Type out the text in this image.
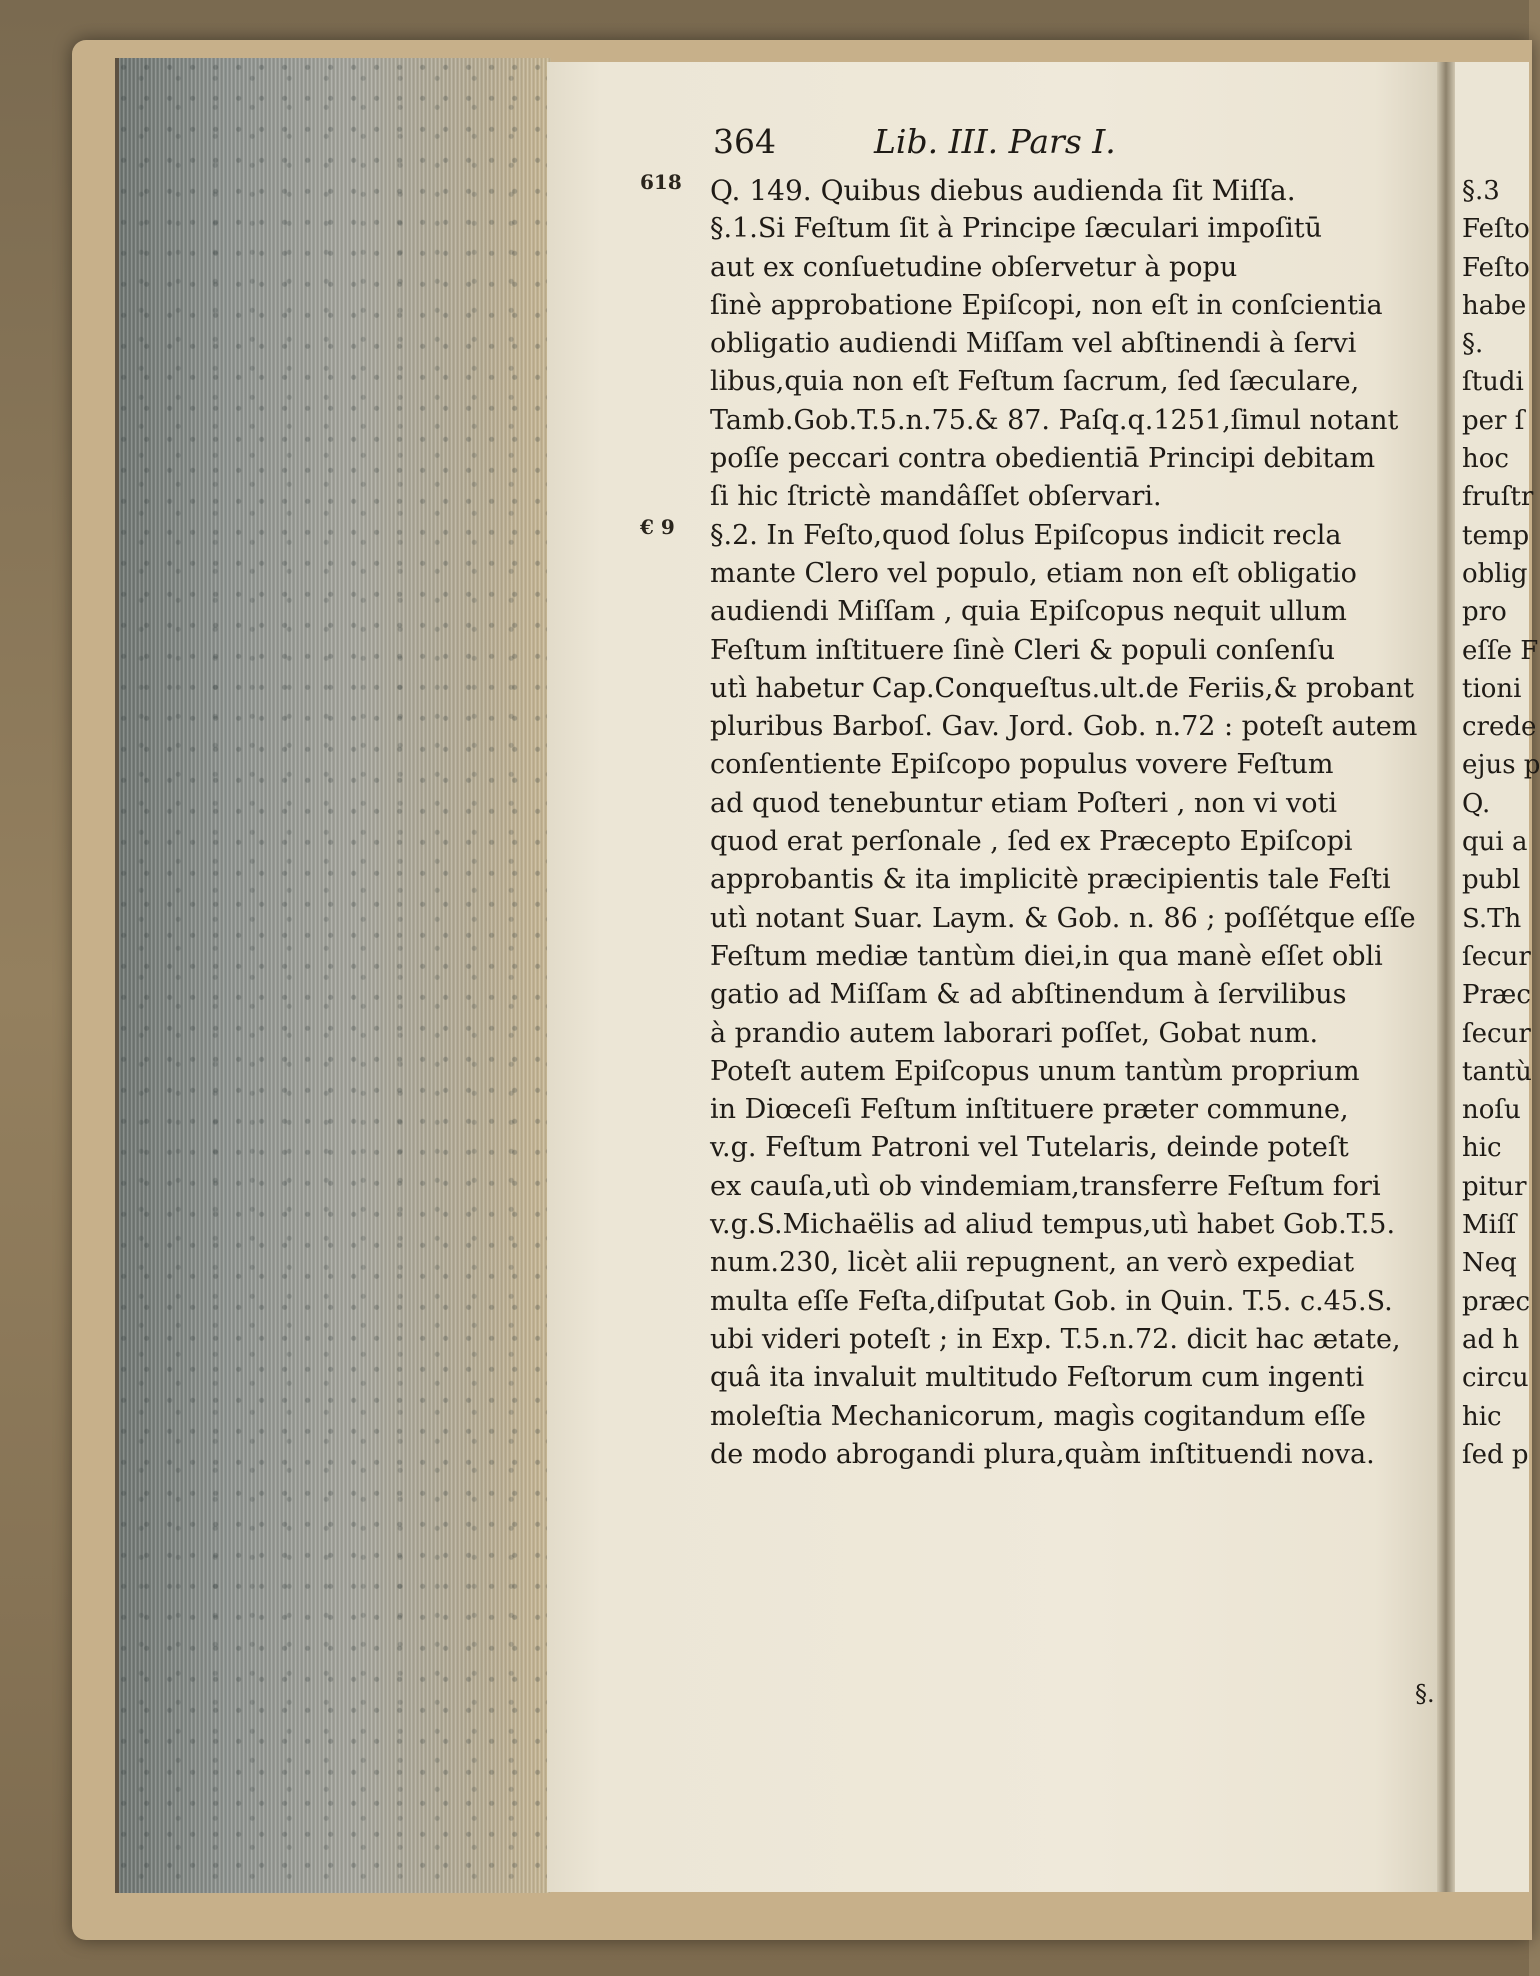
364	Lib. III. Pars I.
618
€ 9
Q. 149. Quibus diebus audienda ſit Miſſa.
§.1.Si Feſtum ſit à Principe ſæculari impoſitū
aut ex conſuetudine obſervetur à popu
ſinè approbatione Epiſcopi, non eſt in conſcientia
obligatio audiendi Miſſam vel abſtinendi à ſervi
libus,quia non eſt Feſtum ſacrum, ſed ſæculare,
Tamb.Gob.T.5.n.75.& 87. Paſq.q.1251,ſimul notant
poſſe peccari contra obedientiā Principi debitam
ſi hic ſtrictè mandâſſet obſervari.
§.2. In Feſto,quod ſolus Epiſcopus indicit recla
mante Clero vel populo, etiam non eſt obligatio
audiendi Miſſam , quia Epiſcopus nequit ullum
Feſtum inſtituere ſinè Cleri & populi conſenſu
utì habetur Cap.Conqueſtus.ult.de Feriis,& probant
pluribus Barboſ. Gav. Jord. Gob. n.72 : poteſt autem
conſentiente Epiſcopo populus vovere Feſtum
ad quod tenebuntur etiam Poſteri , non vi voti
quod erat perſonale , ſed ex Præcepto Epiſcopi
approbantis & ita implicitè præcipientis tale Feſti
utì notant Suar. Laym. & Gob. n. 86 ; poſſétque eſſe
Feſtum mediæ tantùm diei,in qua manè eſſet obli
gatio ad Miſſam & ad abſtinendum à ſervilibus
à prandio autem laborari poſſet, Gobat num.
Poteſt autem Epiſcopus unum tantùm proprium
in Diœceſi Feſtum inſtituere præter commune,
v.g. Feſtum Patroni vel Tutelaris, deinde poteſt
ex cauſa,utì ob vindemiam,transferre Feſtum fori
v.g.S.Michaëlis ad aliud tempus,utì habet Gob.T.5.
num.230, licèt alii repugnent, an verò expediat
multa eſſe Feſta,diſputat Gob. in Quin. T.5. c.45.S.
ubi videri poteſt ; in Exp. T.5.n.72. dicit hac ætate,
quâ ita invaluit multitudo Feſtorum cum ingenti
moleſtia Mechanicorum, magìs cogitandum eſſe
de modo abrogandi plura,quàm inſtituendi nova.
§.
§.3
Feſto
Feſto
habe
§.
ſtudi
per ſ
hoc
fruſtr
temp
oblig
pro
eſſe F
tioni
crede
ejus p
Q.
qui a
publ
S.Th
ſecur
Præc
ſecur
tantù
noſu
hic
pitur
Miſſ
Neq
præc
ad h
circu
hic
ſed p
